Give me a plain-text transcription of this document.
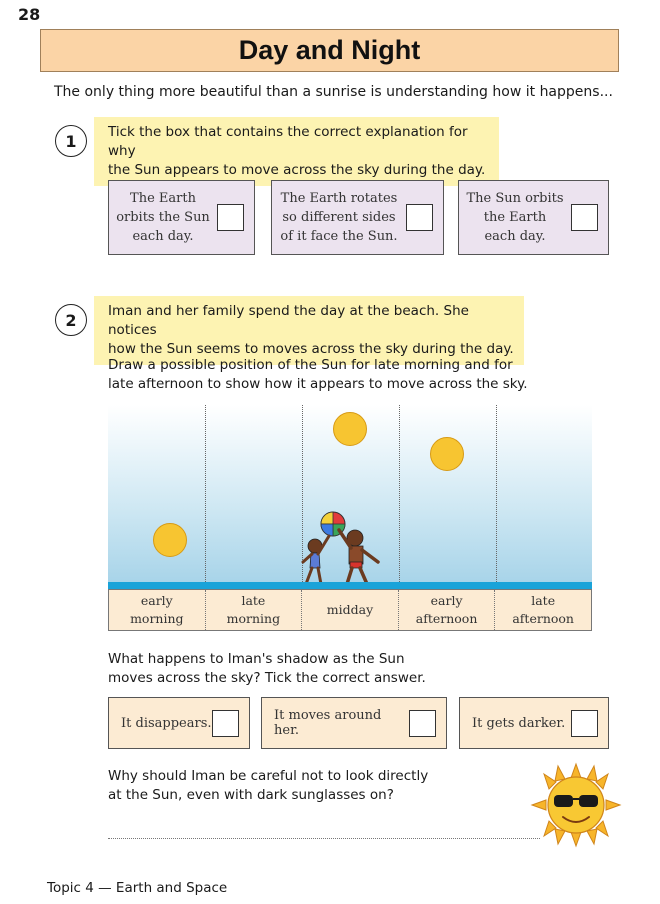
28
Day and Night
The only thing more beautiful than a sunrise is understanding how it happens...
1	Tick the box that contains the correct explanation for why
the Sun appears to move across the sky during the day.
The Earth
orbits the Sun
each day.
The Earth rotates
so different sides
of it face the Sun.
The Sun orbits
the Earth
each day.
2	Iman and her family spend the day at the beach. She notices
how the Sun seems to moves across the sky during the day.
Draw a possible position of the Sun for late morning and for
late afternoon to show how it appears to move across the sky.
early
morning
late
morning
midday
early
afternoon
late
afternoon
What happens to Iman's shadow as the Sun
moves across the sky? Tick the correct answer.
It disappears.	It moves around her.	It gets darker.
Why should Iman be careful not to look directly
at the Sun, even with dark sunglasses on?
Topic 4 — Earth and Space
